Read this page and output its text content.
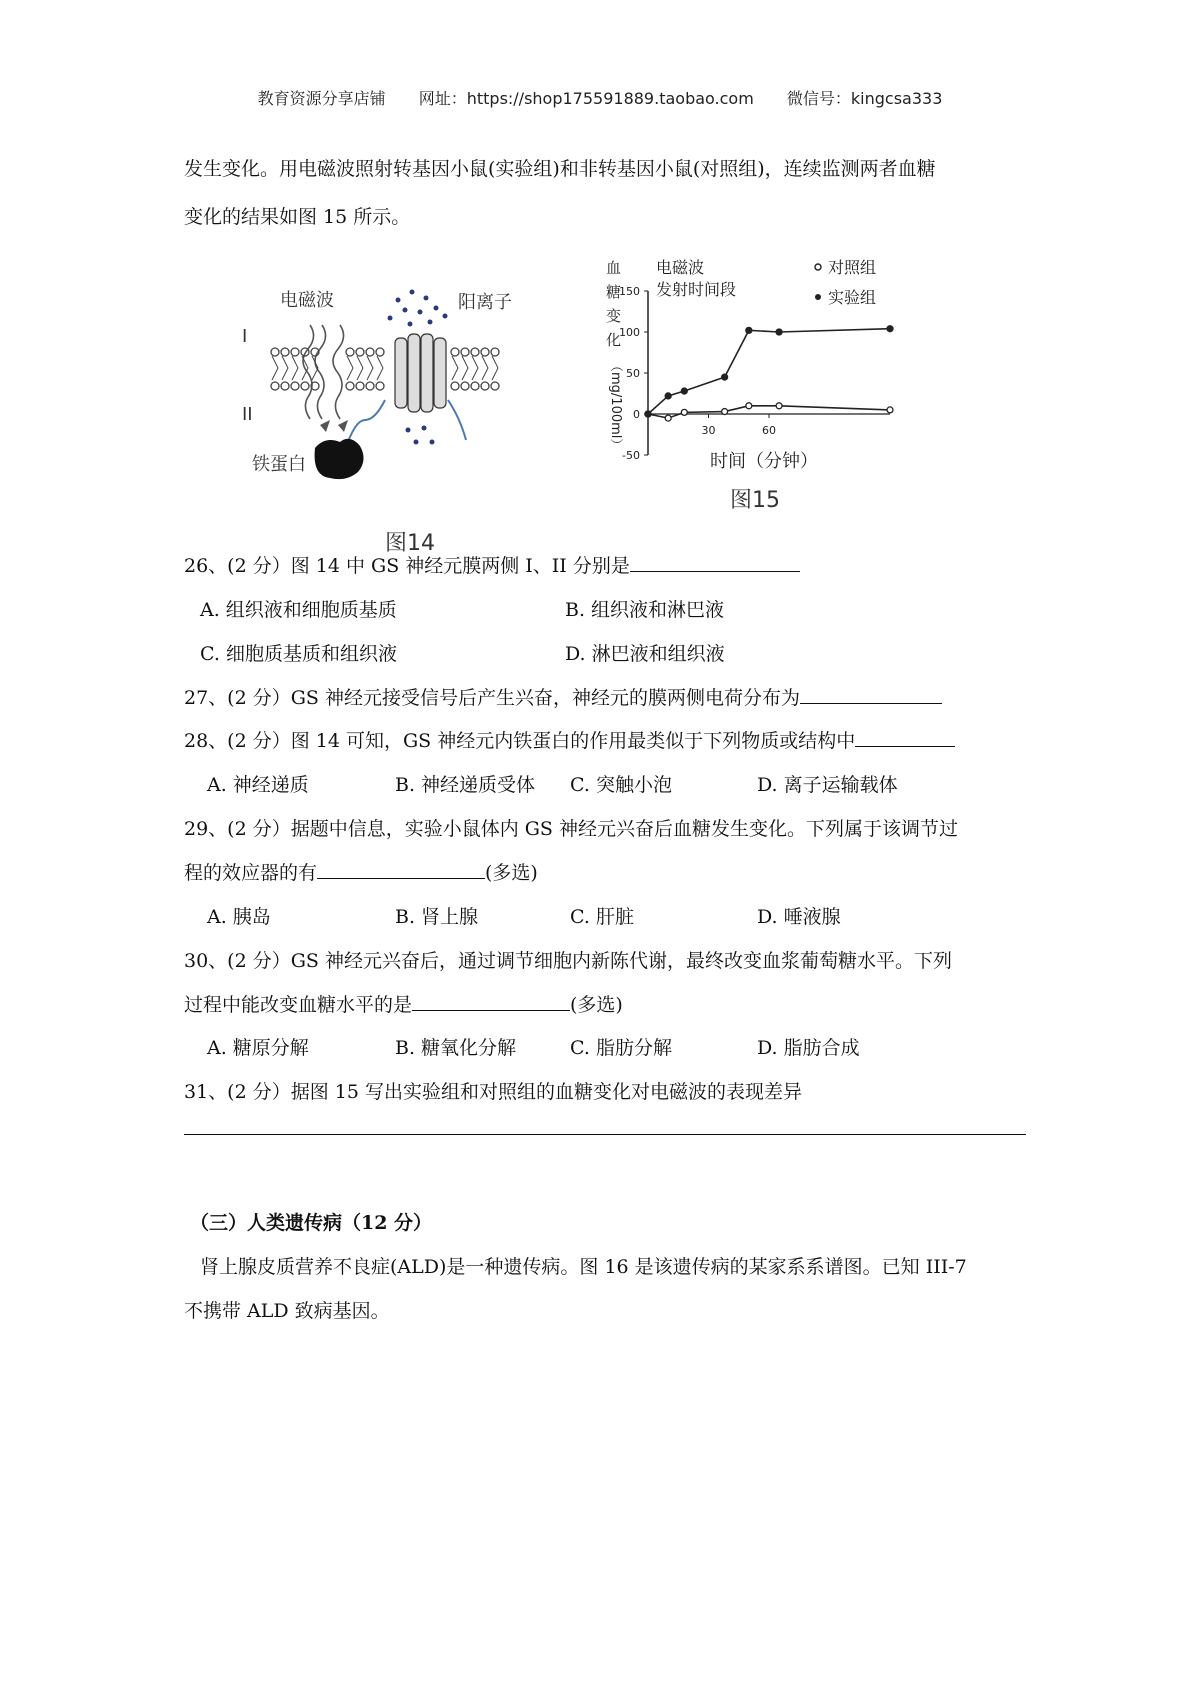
教育资源分享店铺 网址：https://shop175591889.taobao.com 微信号：kingcsa333
发生变化。用电磁波照射转基因小鼠(实验组)和非转基因小鼠(对照组)，连续监测两者血糖
变化的结果如图 15 所示。
电磁波	阳离子
I
II
铁蛋白
图14
血
糖
变
化
（mg/100ml）
电磁波
发射时间段
对照组
实验组
150
100
50
0
-50
30	60
时间（分钟）
图15
26、(2 分）图 14 中 GS 神经元膜两侧 I、II 分别是
A. 组织液和细胞质基质	B. 组织液和淋巴液
C. 细胞质基质和组织液	D. 淋巴液和组织液
27、(2 分）GS 神经元接受信号后产生兴奋，神经元的膜两侧电荷分布为
28、(2 分）图 14 可知，GS 神经元内铁蛋白的作用最类似于下列物质或结构中
A. 神经递质	B. 神经递质受体 C. 突触小泡	D. 离子运输载体
29、(2 分）据题中信息，实验小鼠体内 GS 神经元兴奋后血糖发生变化。下列属于该调节过
程的效应器的有	(多选)
A. 胰岛	B. 肾上腺	C. 肝脏	D. 唾液腺
30、(2 分）GS 神经元兴奋后，通过调节细胞内新陈代谢，最终改变血浆葡萄糖水平。下列
过程中能改变血糖水平的是	(多选)
A. 糖原分解	B. 糖氧化分解	C. 脂肪分解	D. 脂肪合成
31、(2 分）据图 15 写出实验组和对照组的血糖变化对电磁波的表现差异
（三）人类遗传病（12 分）
肾上腺皮质营养不良症(ALD)是一种遗传病。图 16 是该遗传病的某家系系谱图。已知 III-7
不携带 ALD 致病基因。
